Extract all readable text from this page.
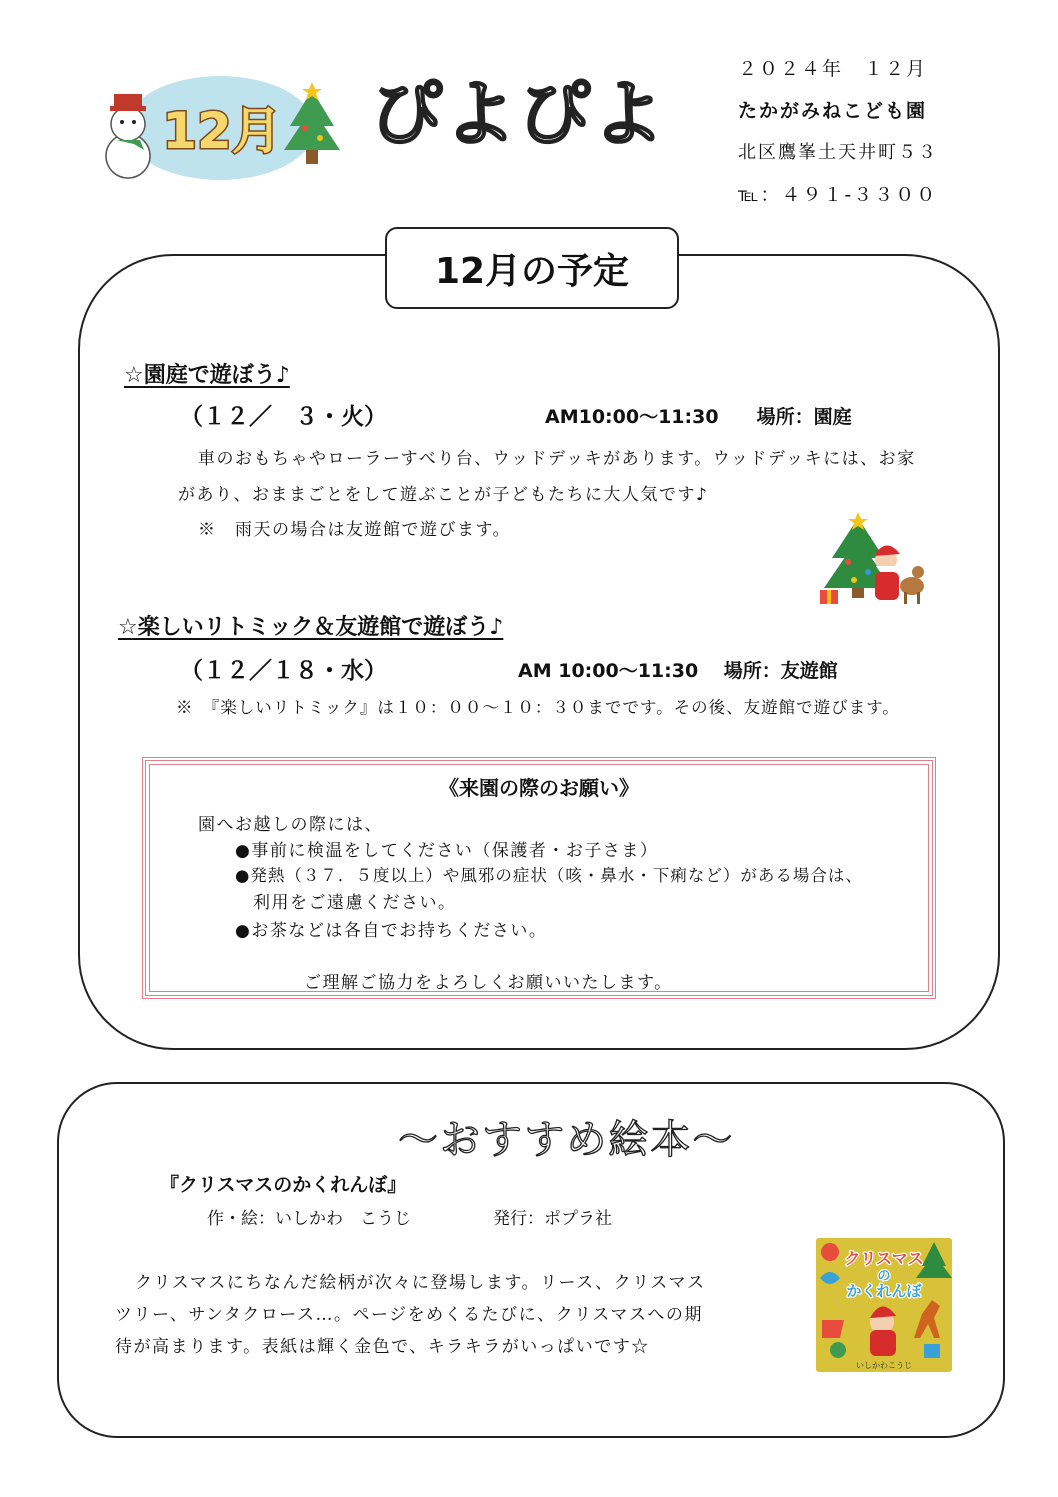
12月 ぴよぴよ
２０２４年　１２月
たかがみねこども園
北区鷹峯土天井町５３
℡：４９１-３３００
12月の予定
☆園庭で遊ぼう♪
（１２／　３・火）	AM10:00～11:30　　場所：園庭
車のおもちゃやローラーすべり台、ウッドデッキがあります。ウッドデッキには、お家
があり、おままごとをして遊ぶことが子どもたちに大人気です♪
※　雨天の場合は友遊館で遊びます。
☆楽しいリトミック＆友遊館で遊ぼう♪
（１２／１８・水）	AM 10:00～11:30　 場所：友遊館
※　『楽しいリトミック』は１０：００～１０：３０までです。その後、友遊館で遊びます。
《来園の際のお願い》
園へお越しの際には、
●事前に検温をしてください（保護者・お子さま）
●発熱（３７．５度以上）や風邪の症状（咳・鼻水・下痢など）がある場合は、
利用をご遠慮ください。
●お茶などは各自でお持ちください。
ご理解ご協力をよろしくお願いいたします。
～おすすめ絵本～
『クリスマスのかくれんぼ』
作・絵：いしかわ　こうじ	発行：ポプラ社
クリスマスにちなんだ絵柄が次々に登場します。リース、クリスマス
ツリー、サンタクロース…。ページをめくるたびに、クリスマスへの期
待が高まります。表紙は輝く金色で、キラキラがいっぱいです☆
クリスマス
の
かくれんぼ
いしかわこうじ
